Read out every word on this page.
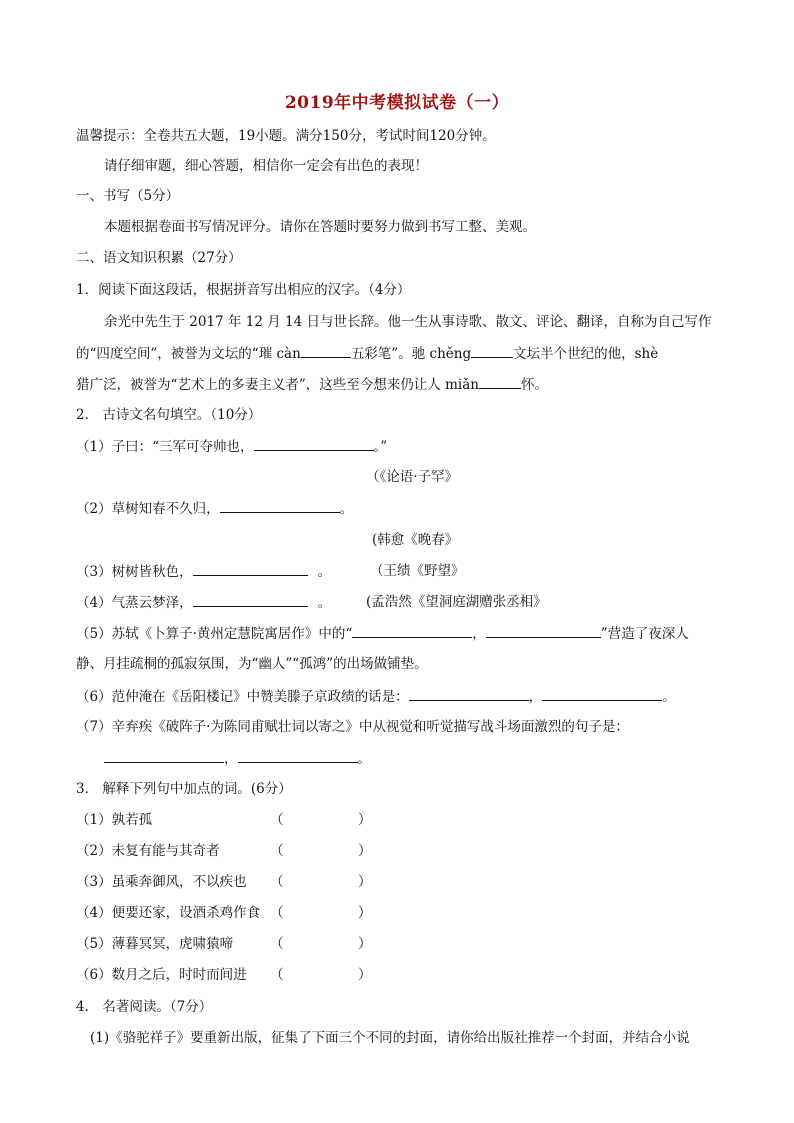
2019年中考模拟试卷（一）
温馨提示：全卷共五大题，19小题。满分150分，考试时间120分钟。
请仔细审题，细心答题，相信你一定会有出色的表现！
一、书写（5分）
本题根据卷面书写情况评分。请你在答题时要努力做到书写工整、美观。
二、语文知识积累（27分）
1．阅读下面这段话，根据拼音写出相应的汉字。（4分）
余光中先生于 2017 年 12 月 14 日与世长辞。他一生从事诗歌、散文、评论、翻译，自称为自己写作
的“四度空间”，被誉为文坛的“璀 càn	五彩笔”。驰 chěng	文坛半个世纪的他，shè
猎广泛，被誉为“艺术上的多妻主义者”，这些至今想来仍让人 miǎn	怀。
2． 古诗文名句填空。（10分）
（1）子曰：“三军可夺帅也，	。”
（《论语·子罕》
（2）草树知春不久归，	。
(韩愈《晚春》
（3）树树皆秋色，	。	（王绩《野望》
（4）气蒸云梦泽，	。	(孟浩然《望洞庭湖赠张丞相》
（5）苏轼《卜算子·黄州定慧院寓居作》中的“	，	”营造了夜深人
静、月挂疏桐的孤寂氛围，为“幽人”“孤鸿”的出场做铺垫。
（6）范仲淹在《岳阳楼记》中赞美滕子京政绩的话是：	，	。
（7）辛弃疾《破阵子·为陈同甫赋壮词以寄之》中从视觉和听觉描写战斗场面激烈的句子是：
，	。
3． 解释下列句中加点的词。(6分）
（1）孰若孤	（	）
（2）未复有能与其奇者	（	）
（3）虽乘奔御风，不以疾也 （	）
（4）便要还家，设酒杀鸡作食 （	）
（5）薄暮冥冥，虎啸猿啼	（	）
（6）数月之后，时时而间进 （	）
4． 名著阅读。（7分）
(1)《骆驼祥子》要重新出版，征集了下面三个不同的封面，请你给出版社推荐一个封面，并结合小说
